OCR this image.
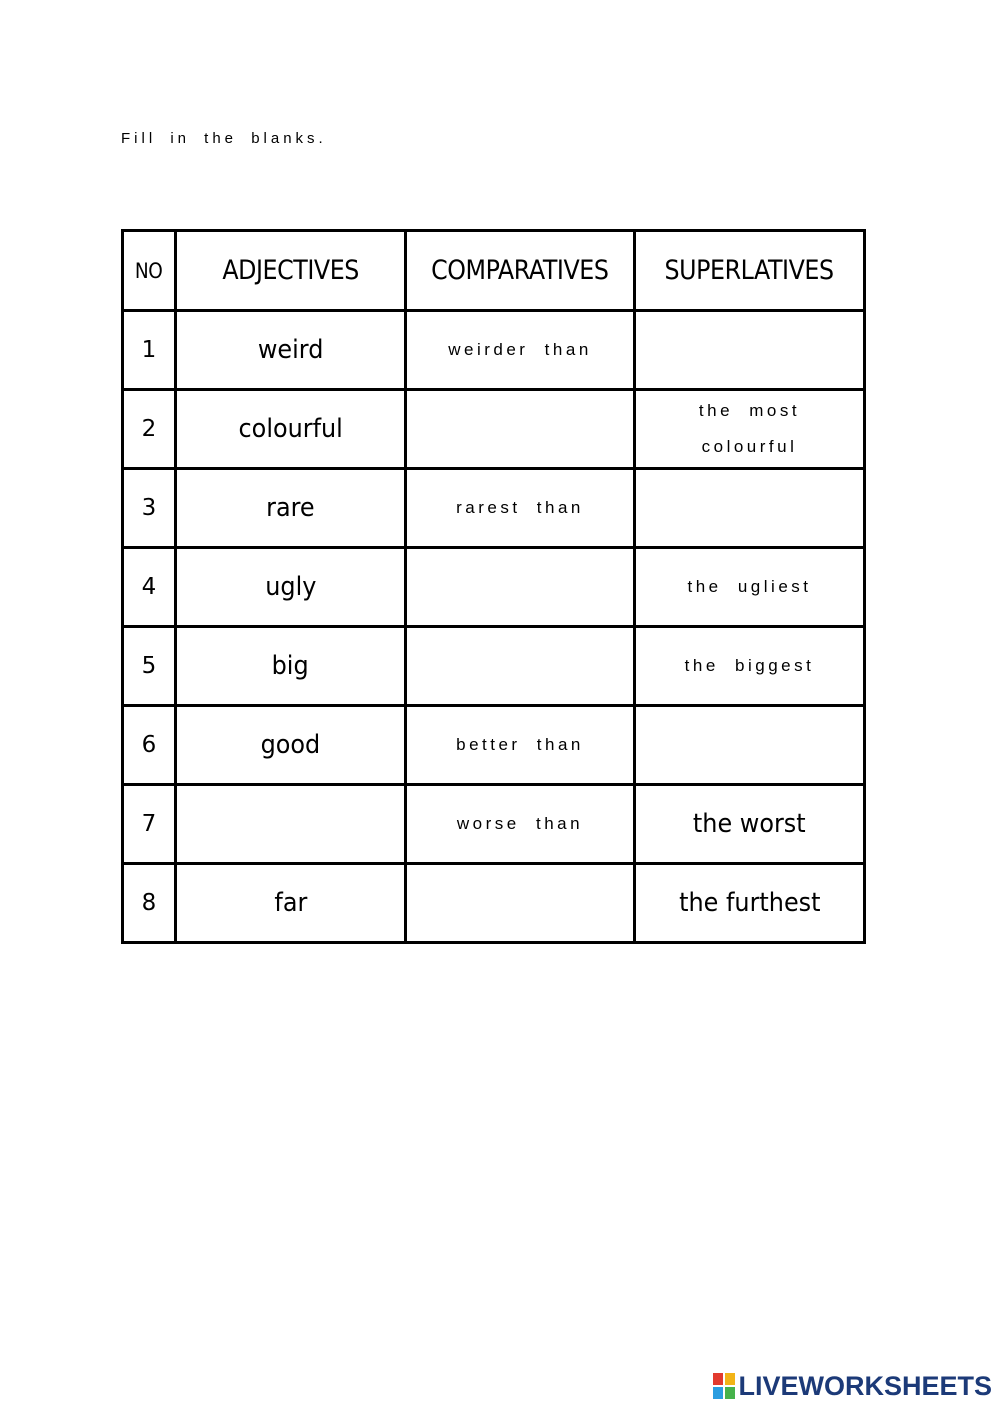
Fill in the blanks.
NO	ADJECTIVES	COMPARATIVES	SUPERLATIVES
1	weird	weirder than	
2	colourful		the most colourful
3	rare	rarest than	
4	ugly		the ugliest
5	big		the biggest
6	good	better than	
7		worse than	the worst
8	far		the furthest
LIVEWORKSHEETS
